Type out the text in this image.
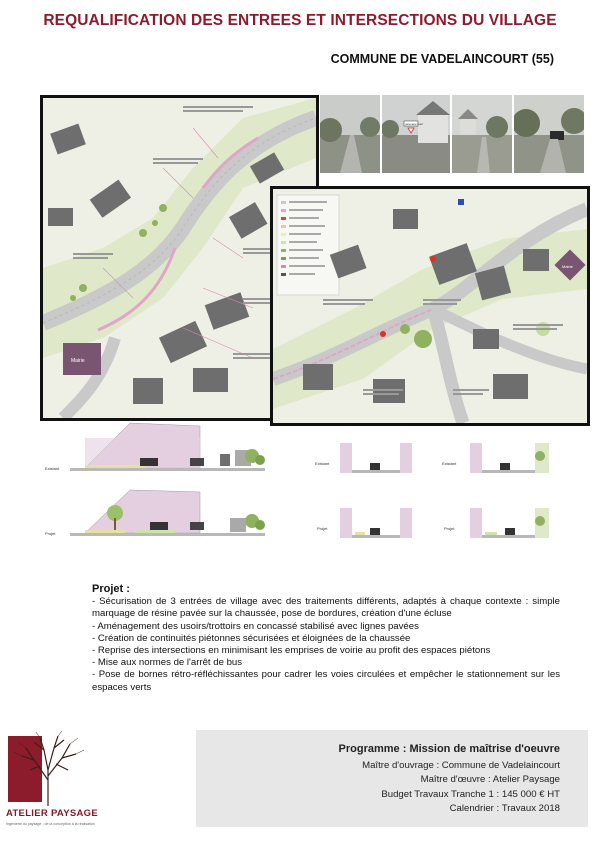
REQUALIFICATION DES ENTREES ET INTERSECTIONS DU VILLAGE
COMMUNE DE VADELAINCOURT (55)
Mairie
VADELAINCOURT
Mairie
Existant
Projet
Existant
Projet
Existant
Projet
Projet :

- Sécurisation de 3 entrées de village avec des traitements différents, adaptés à chaque contexte : simple marquage de résine pavée sur la chaussée, pose de bordures, création d'une écluse

- Aménagement des usoirs/trottoirs en concassé stabilisé avec lignes pavées

- Création de continuités piétonnes sécurisées et éloignées de la chaussée

- Reprise des intersections en minimisant les emprises de voirie au profit des espaces piétons

- Mise aux normes de l'arrêt de bus

- Pose de bornes rétro-réfléchissantes pour cadrer les voies circulées et empêcher le stationnement sur les espaces verts

ATELIER PAYSAGE
Ingénierie du paysage - de la conception à la réalisation
Programme : Mission de maîtrise d'oeuvre
Maître d'ouvrage : Commune de Vadelaincourt
Maître d'œuvre : Atelier Paysage
Budget Travaux Tranche 1 : 145 000 € HT
Calendrier : Travaux 2018
